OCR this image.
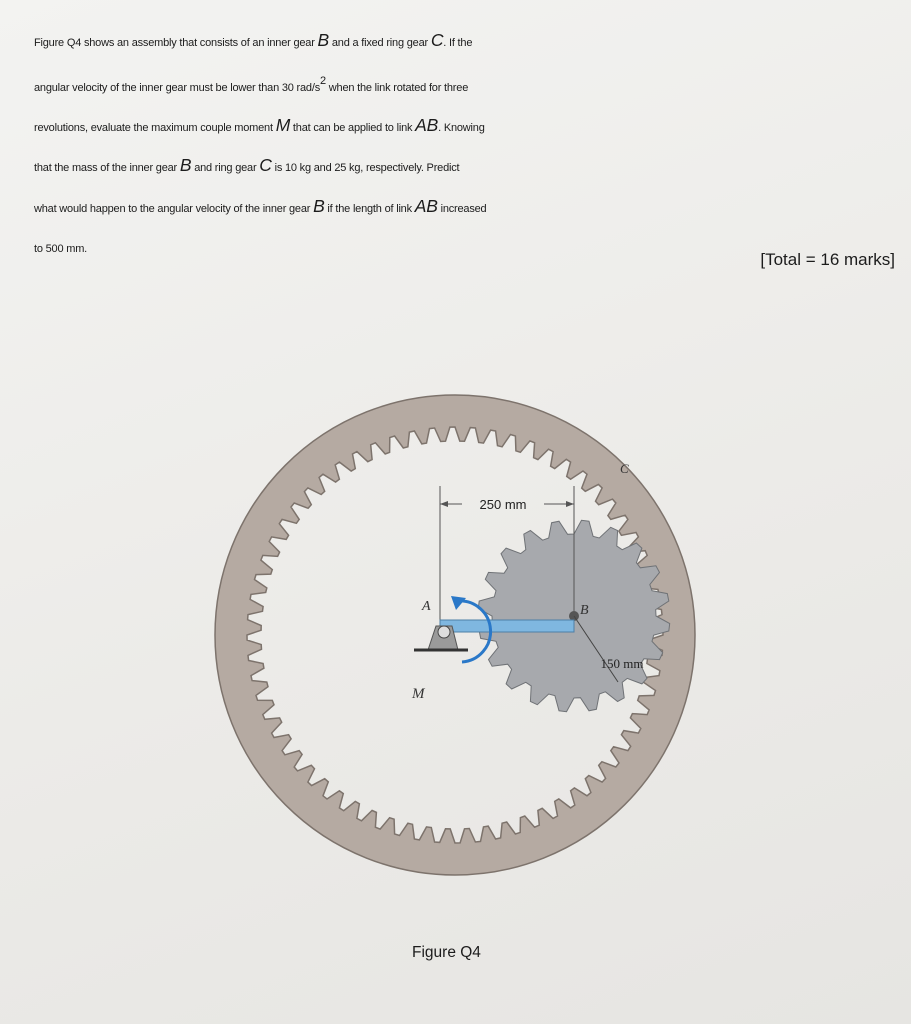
Figure Q4 shows an assembly that consists of an inner gear B and a fixed ring gear C. If the

angular velocity of the inner gear must be lower than 30 rad/$s^2$ when the link rotated for three

revolutions, evaluate the maximum couple moment M that can be applied to link AB. Knowing

that the mass of the inner gear B and ring gear C is 10 kg and 25 kg, respectively. Predict

what would happen to the angular velocity of the inner gear B if the length of link AB increased

to 500 mm.

[Total = 16 marks]
250 mm
150 mm
C
A	B
M
Figure Q4
